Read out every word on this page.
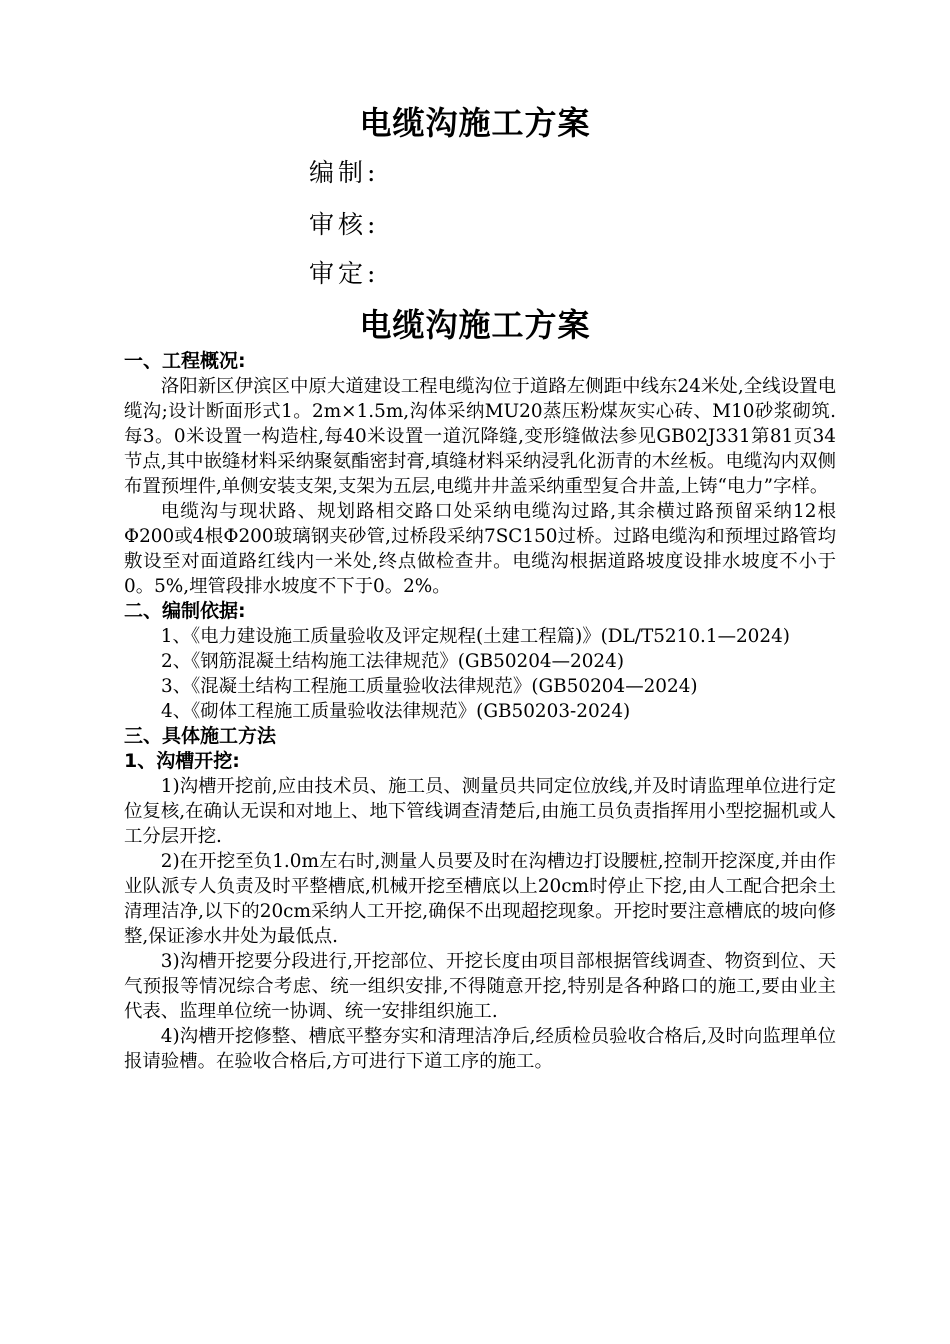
电缆沟施工方案
编制:
审核:
审定:
电缆沟施工方案
一、工程概况:
洛阳新区伊滨区中原大道建设工程电缆沟位于道路左侧距中线东24米处,全线设置电缆沟;设计断面形式1。2m×1.5m,沟体采纳MU20蒸压粉煤灰实心砖、M10砂浆砌筑.每3。0米设置一构造柱,每40米设置一道沉降缝,变形缝做法参见GB02J331第81页34节点,其中嵌缝材料采纳聚氨酯密封膏,填缝材料采纳浸乳化沥青的木丝板。电缆沟内双侧布置预埋件,单侧安装支架,支架为五层,电缆井井盖采纳重型复合井盖,上铸“电力”字样。
电缆沟与现状路、规划路相交路口处采纳电缆沟过路,其余横过路预留采纳12根Φ200或4根Φ200玻璃钢夹砂管,过桥段采纳7SC150过桥。过路电缆沟和预埋过路管均敷设至对面道路红线内一米处,终点做检查井。电缆沟根据道路坡度设排水坡度不小于0。5%,埋管段排水坡度不下于0。2%。
二、编制依据:
1、《电力建设施工质量验收及评定规程(土建工程篇)》(DL/T5210.1—2024)
2、《钢筋混凝土结构施工法律规范》(GB50204—2024)
3、《混凝土结构工程施工质量验收法律规范》(GB50204—2024)
4、《砌体工程施工质量验收法律规范》(GB50203-2024)
三、具体施工方法
1、沟槽开挖:
1)沟槽开挖前,应由技术员、施工员、测量员共同定位放线,并及时请监理单位进行定位复核,在确认无误和对地上、地下管线调查清楚后,由施工员负责指挥用小型挖掘机或人工分层开挖.
2)在开挖至负1.0m左右时,测量人员要及时在沟槽边打设腰桩,控制开挖深度,并由作业队派专人负责及时平整槽底,机械开挖至槽底以上20cm时停止下挖,由人工配合把余土清理洁净,以下的20cm采纳人工开挖,确保不出现超挖现象。开挖时要注意槽底的坡向修整,保证渗水井处为最低点.
3)沟槽开挖要分段进行,开挖部位、开挖长度由项目部根据管线调查、物资到位、天气预报等情况综合考虑、统一组织安排,不得随意开挖,特别是各种路口的施工,要由业主代表、监理单位统一协调、统一安排组织施工.
4)沟槽开挖修整、槽底平整夯实和清理洁净后,经质检员验收合格后,及时向监理单位报请验槽。在验收合格后,方可进行下道工序的施工。
